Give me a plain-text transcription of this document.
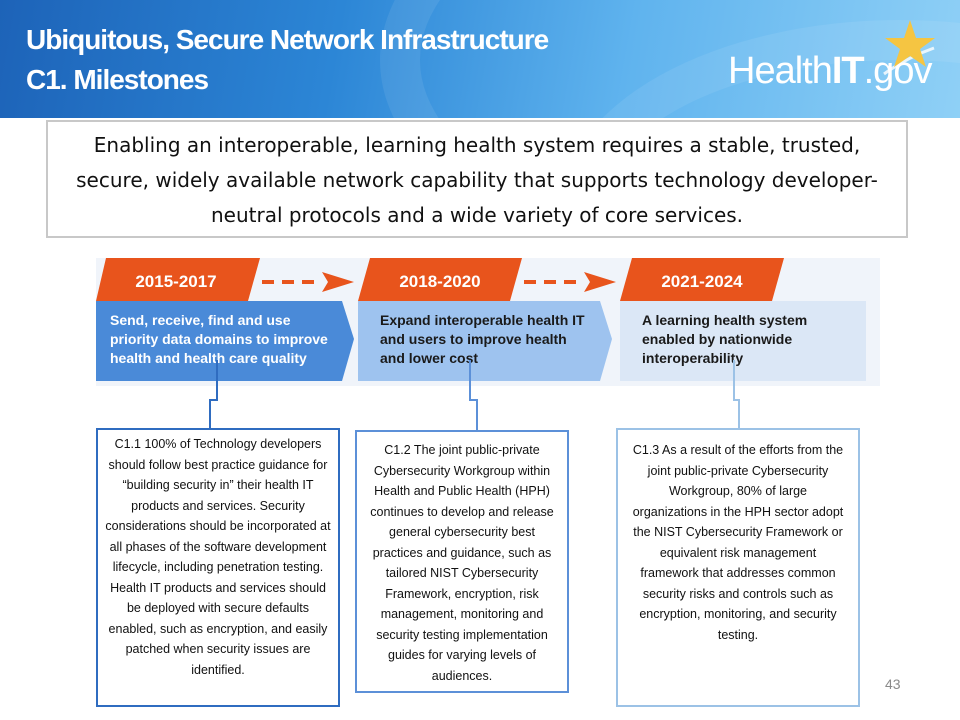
Ubiquitous, Secure Network Infrastructure
C1. Milestones	HealthIT.gov
Enabling an interoperable, learning health system requires a stable, trusted, secure, widely available network capability that supports technology developer-neutral protocols and a wide variety of core services.
2015-2017	2018-2020	2021-2024
Send, receive, find and use priority data domains to improve health and health care quality
Expand interoperable health IT and users to improve health and lower cost
A learning health system enabled by nationwide interoperability
C1.1 100% of Technology developers should follow best practice guidance for “building security in” their health IT products and services. Security considerations should be incorporated at all phases of the software development lifecycle, including penetration testing. Health IT products and services should be deployed with secure defaults enabled, such as encryption, and easily patched when security issues are identified.
C1.2 The joint public-private Cybersecurity Workgroup within Health and Public Health (HPH) continues to develop and release general cybersecurity best practices and guidance, such as tailored NIST Cybersecurity Framework, encryption, risk management, monitoring and security testing implementation guides for varying levels of audiences.
C1.3 As a result of the efforts from the joint public-private Cybersecurity Workgroup, 80% of large organizations in the HPH sector adopt the NIST Cybersecurity Framework or equivalent risk management framework that addresses common security risks and controls such as encryption, monitoring, and security testing.
43
